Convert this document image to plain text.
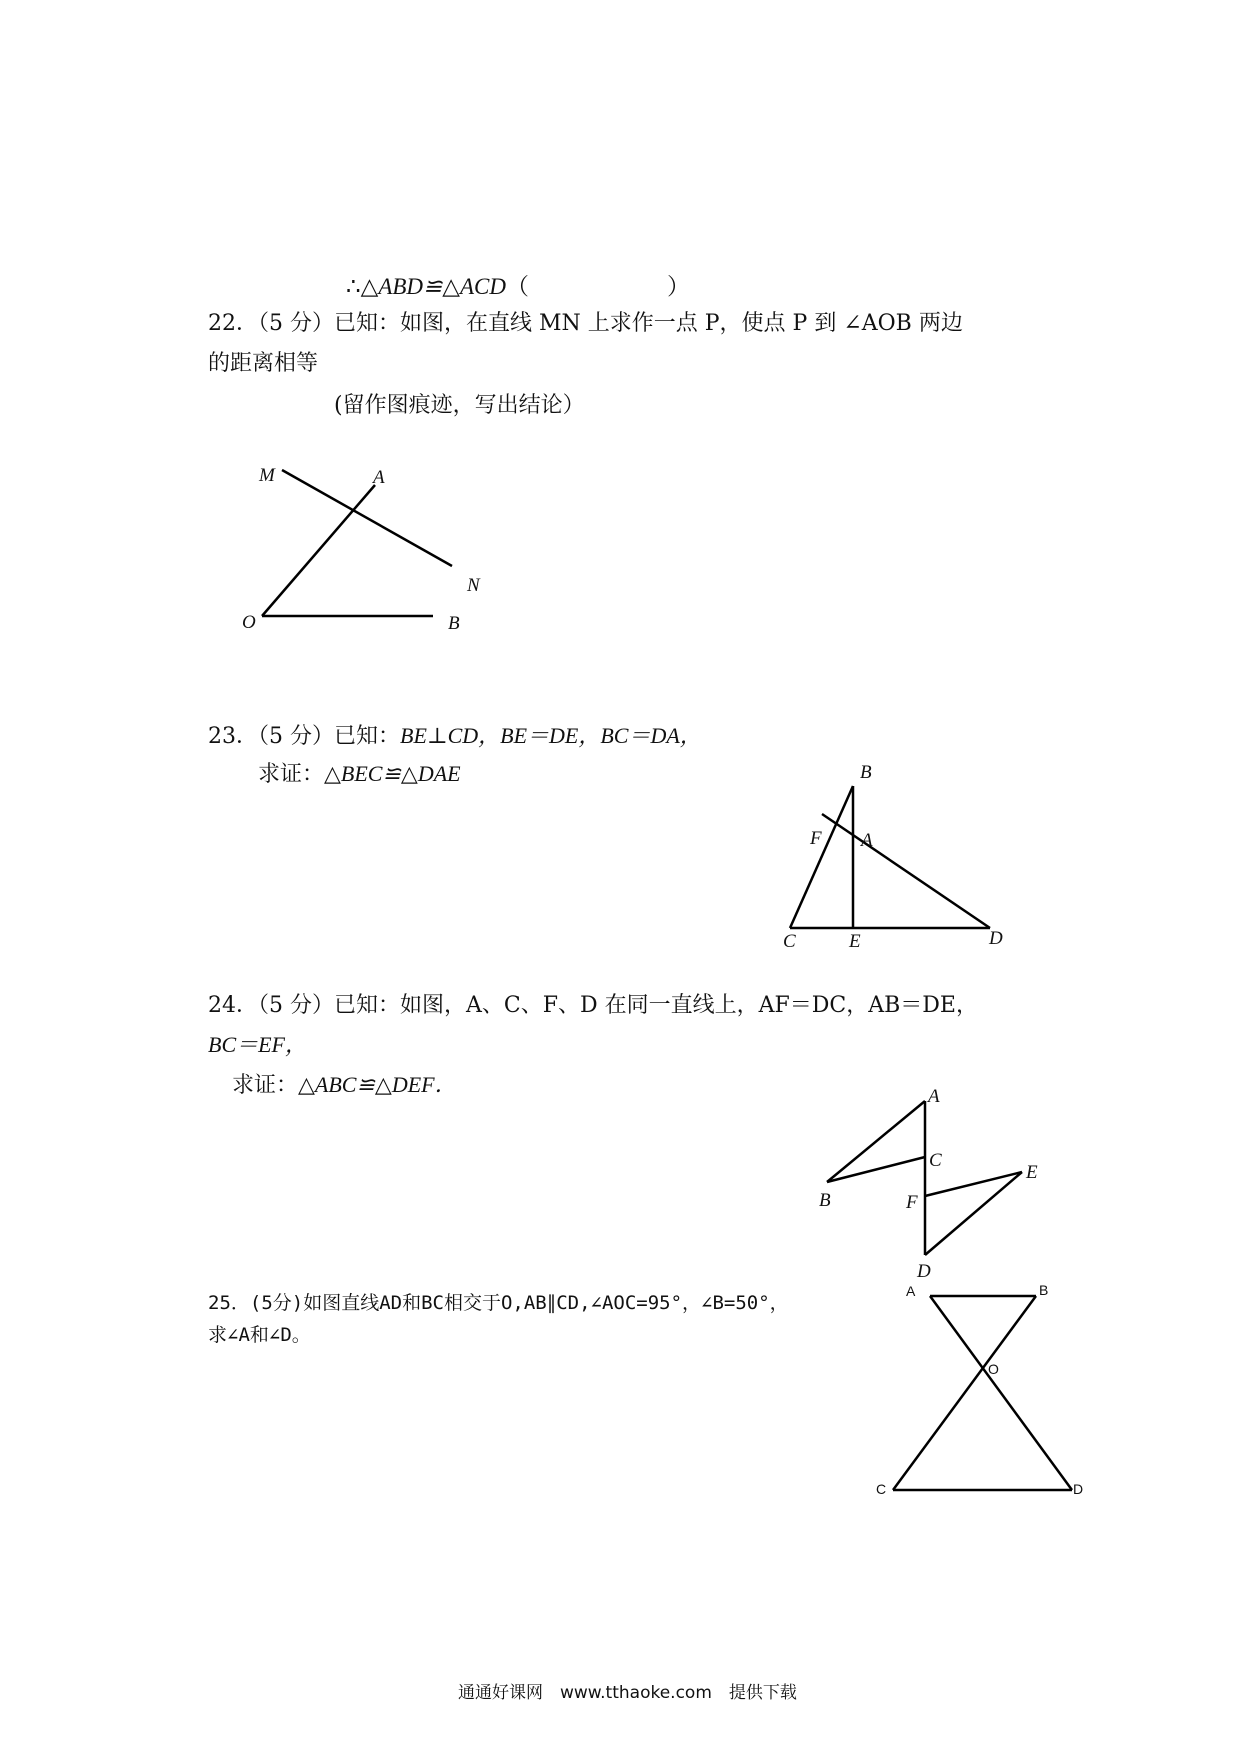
∴△ABD≌△ACD（　　　　　　）
22．（5 分）已知：如图，在直线 MN 上求作一点 P，使点 P 到 ∠AOB 两边
的距离相等
(留作图痕迹，写出结论）
M	A
N
O	B
23．（5 分）已知：BE⊥CD，BE＝DE，BC＝DA，
求证：△BEC≌△DAE	B
F A
C	E	D
24．（5 分）已知：如图，A、C、F、D 在同一直线上，AF＝DC，AB＝DE，
BC＝EF，
求证：△ABC≌△DEF．	A
C
E
B	F
D
25．(5分)如图直线AD和BC相交于O,AB∥CD,∠AOC=95°，∠B=50°，
求∠A和∠D。
A	B
O
C	D
通通好课网　www.tthaoke.com　提供下载
